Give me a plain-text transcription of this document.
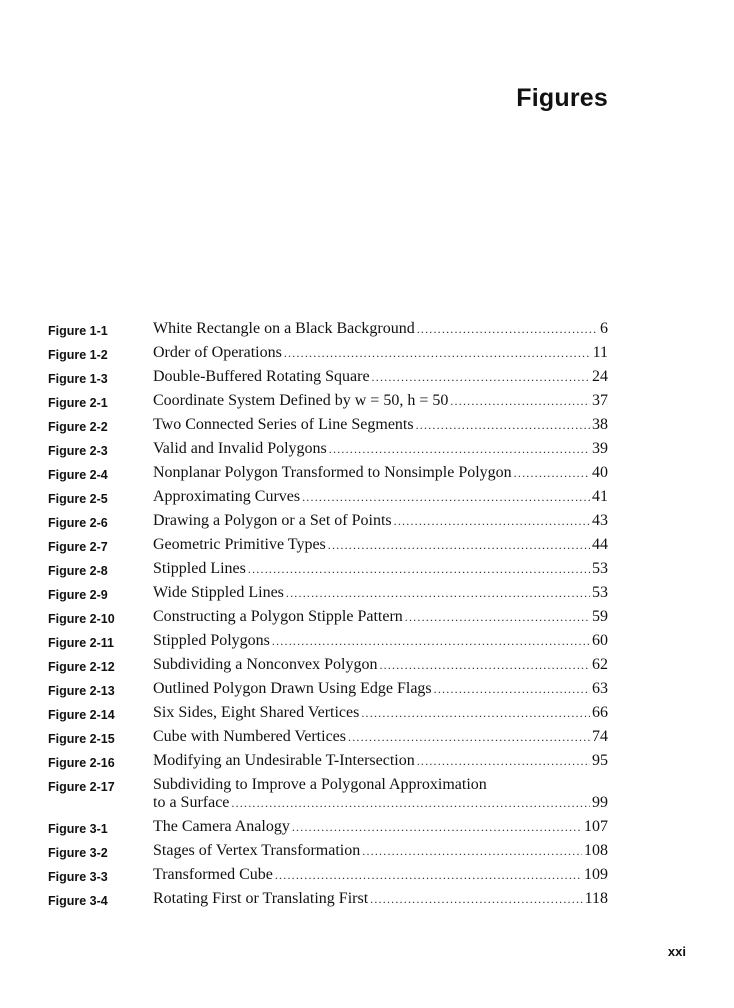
Figures
Figure 1-1	White Rectangle on a Black Background .....	6
Figure 1-2	Order of Operations .....	11
Figure 1-3	Double-Buffered Rotating Square .....	24
Figure 2-1	Coordinate System Defined by w = 50, h = 50 .....	37
Figure 2-2	Two Connected Series of Line Segments .....	38
Figure 2-3	Valid and Invalid Polygons .....	39
Figure 2-4	Nonplanar Polygon Transformed to Nonsimple Polygon .....	40
Figure 2-5	Approximating Curves .....	41
Figure 2-6	Drawing a Polygon or a Set of Points .....	43
Figure 2-7	Geometric Primitive Types .....	44
Figure 2-8	Stippled Lines .....	53
Figure 2-9	Wide Stippled Lines .....	53
Figure 2-10 Constructing a Polygon Stipple Pattern .....	59
Figure 2-11 Stippled Polygons .....	60
Figure 2-12 Subdividing a Nonconvex Polygon .....	62
Figure 2-13 Outlined Polygon Drawn Using Edge Flags .....	63
Figure 2-14 Six Sides, Eight Shared Vertices .....	66
Figure 2-15 Cube with Numbered Vertices .....	74
Figure 2-16 Modifying an Undesirable T-Intersection .....	95
Figure 2-17 Subdividing to Improve a Polygonal Approximation
to a Surface .....	99
Figure 3-1	The Camera Analogy .....	107
Figure 3-2	Stages of Vertex Transformation .....	108
Figure 3-3	Transformed Cube .....	109
Figure 3-4	Rotating First or Translating First .....	118
xxi
